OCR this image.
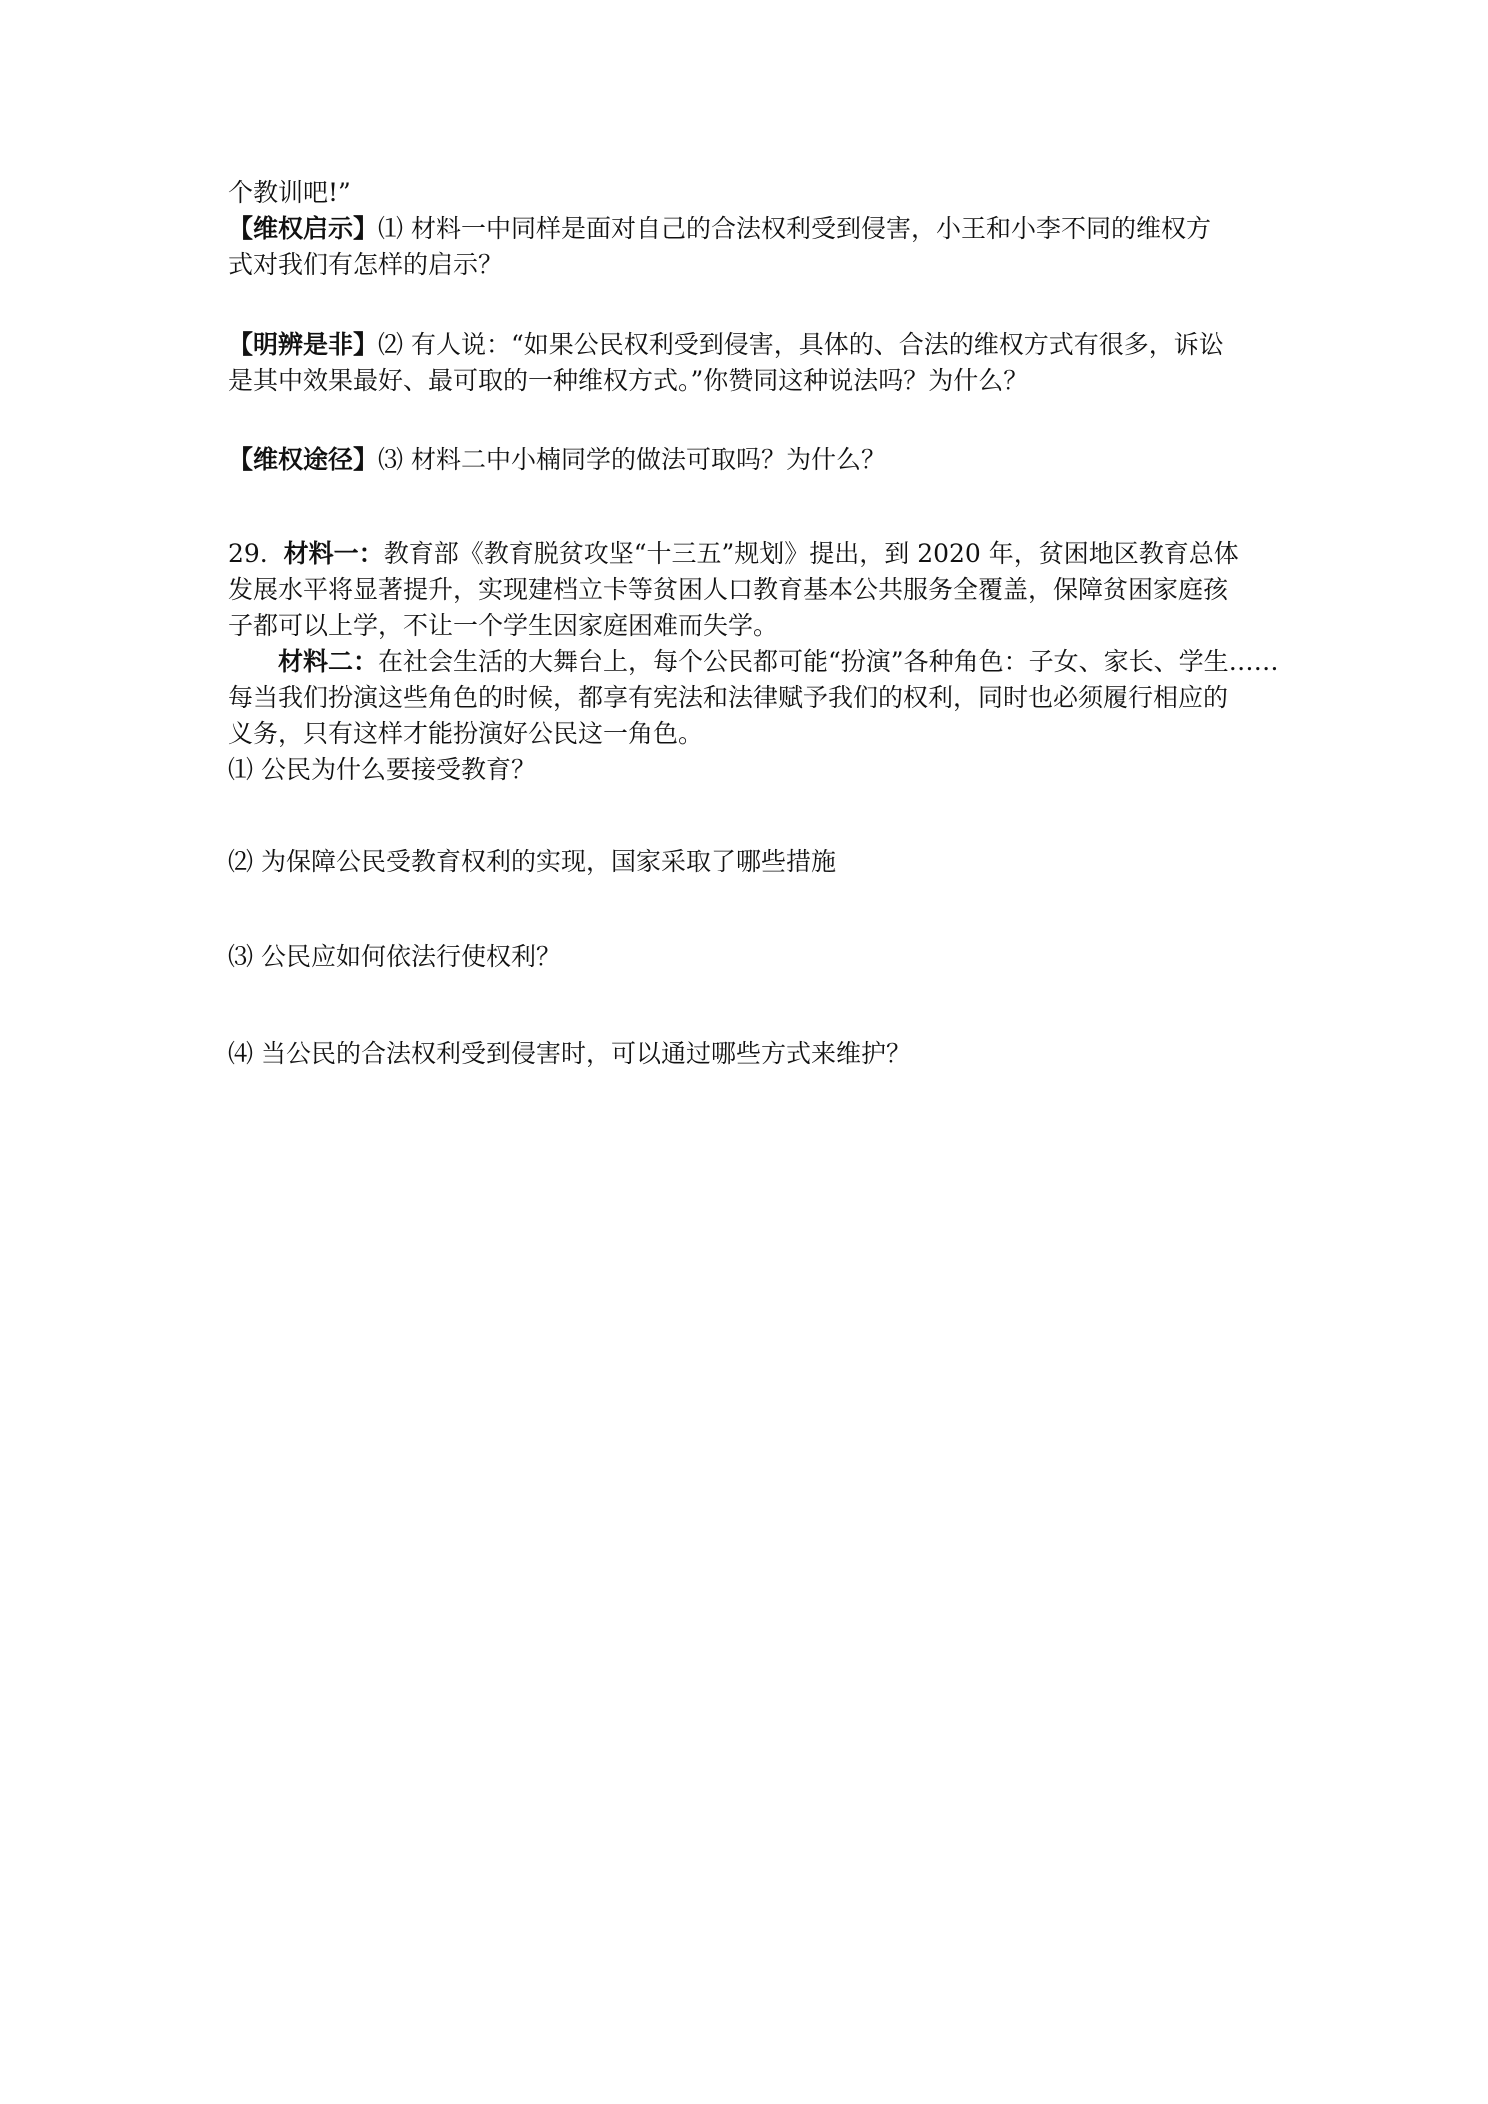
个教训吧!”
【维权启示】⑴ 材料一中同样是面对自己的合法权利受到侵害，小王和小李不同的维权方
式对我们有怎样的启示？
【明辨是非】⑵ 有人说：“如果公民权利受到侵害，具体的、合法的维权方式有很多，诉讼
是其中效果最好、最可取的一种维权方式。”你赞同这种说法吗？为什么？
【维权途径】⑶ 材料二中小楠同学的做法可取吗？为什么？
29. 材料一：教育部《教育脱贫攻坚“十三五”规划》提出，到 2020 年，贫困地区教育总体
发展水平将显著提升，实现建档立卡等贫困人口教育基本公共服务全覆盖，保障贫困家庭孩
子都可以上学，不让一个学生因家庭困难而失学。
材料二：在社会生活的大舞台上，每个公民都可能“扮演”各种角色：子女、家长、学生……
每当我们扮演这些角色的时候，都享有宪法和法律赋予我们的权利，同时也必须履行相应的
义务，只有这样才能扮演好公民这一角色。
⑴ 公民为什么要接受教育？
⑵ 为保障公民受教育权利的实现，国家采取了哪些措施
⑶ 公民应如何依法行使权利？
⑷ 当公民的合法权利受到侵害时，可以通过哪些方式来维护？
